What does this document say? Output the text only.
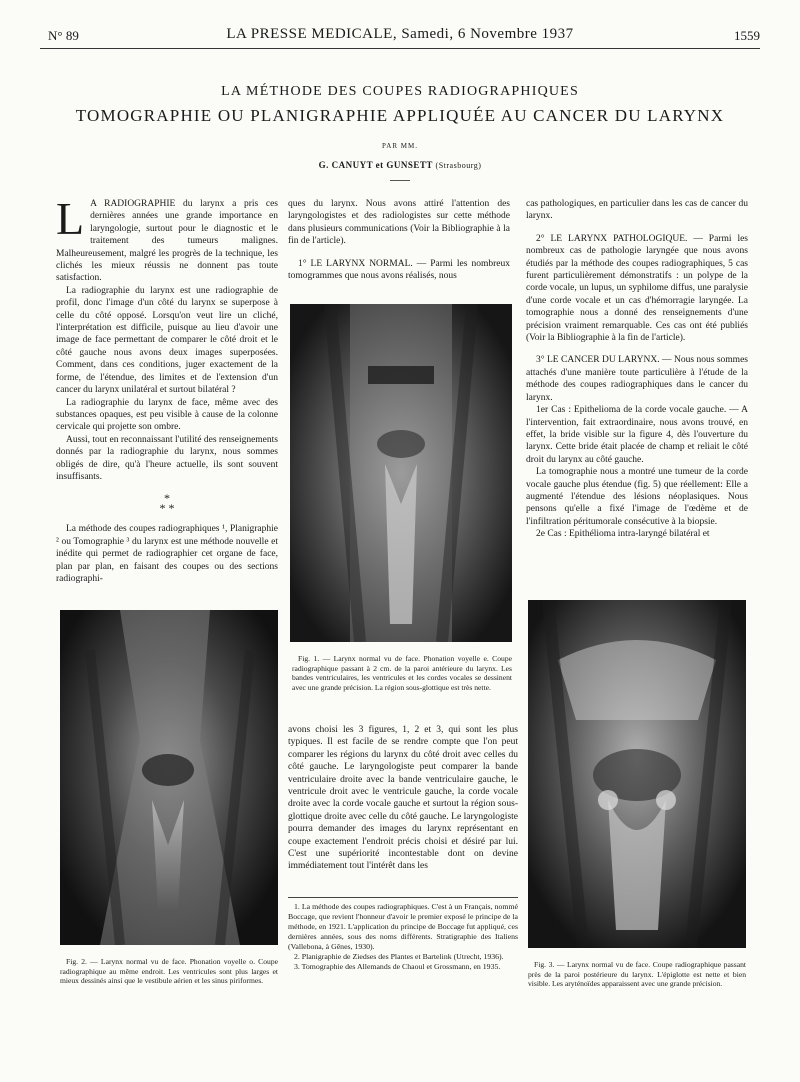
N° 89	LA PRESSE MEDICALE, Samedi, 6 Novembre 1937	1559
LA MÉTHODE DES COUPES RADIOGRAPHIQUES
TOMOGRAPHIE OU PLANIGRAPHIE APPLIQUÉE AU CANCER DU LARYNX
PAR MM.
G. CANUYT et GUNSETT (Strasbourg)
L A RADIOGRAPHIE du larynx a pris ces dernières années une grande importance en laryngologie, surtout pour le diagnostic et le traitement des tumeurs malignes. Malheureusement, malgré les progrès de la technique, les clichés les mieux réussis ne donnent pas toute satisfaction.

La radiographie du larynx est une radiographie de profil, donc l'image d'un côté du larynx se superpose à celle du côté opposé. Lorsqu'on veut lire un cliché, l'interprétation est difficile, puisque au lieu d'avoir une image de face permettant de comparer le côté droit et le côté gauche nous avons deux images superposées. Comment, dans ces conditions, juger exactement de la forme, de l'étendue, des limites et de l'extension d'un cancer du larynx unilatéral et surtout bilatéral ?

La radiographie du larynx de face, même avec des substances opaques, est peu visible à cause de la colonne cervicale qui projette son ombre.

Aussi, tout en reconnaissant l'utilité des renseignements donnés par la radiographie du larynx, nous sommes obligés de dire, qu'à l'heure actuelle, ils sont souvent insuffisants.

*
* *

La méthode des coupes radiographiques ¹, Planigraphie ² ou Tomographie ³ du larynx est une méthode nouvelle et inédite qui permet de radiographier cet organe de face, plan par plan, en faisant des coupes ou des sections radiographi-

Fig. 2. — Larynx normal vu de face. Phonation voyelle o. Coupe radiographique au même endroit. Les ventricules sont plus larges et mieux dessinés ainsi que le vestibule aérien et les sinus piriformes.

ques du larynx. Nous avons attiré l'attention des laryngologistes et des radiologistes sur cette méthode dans plusieurs communications (Voir la Bibliographie à la fin de l'article).

1° LE LARYNX NORMAL. — Parmi les nombreux tomogrammes que nous avons réalisés, nous

Fig. 1. — Larynx normal vu de face. Phonation voyelle e. Coupe radiographique passant à 2 cm. de la paroi antérieure du larynx. Les bandes ventriculaires, les ventricules et les cordes vocales se dessinent avec une grande précision. La région sous-glottique est très nette.

avons choisi les 3 figures, 1, 2 et 3, qui sont les plus typiques. Il est facile de se rendre compte que l'on peut comparer les régions du larynx du côté droit avec celles du côté gauche. Le laryngologiste peut comparer la bande ventriculaire droite avec la bande ventriculaire gauche, le ventricule droit avec le ventricule gauche, la corde vocale droite avec la corde vocale gauche et surtout la région sous-glottique droite avec celle du côté gauche. Le laryngologiste pourra demander des images du larynx représentant en coupe exactement l'endroit précis choisi et désiré par lui. C'est une supériorité incontestable dont on devine immédiatement tout l'intérêt dans les

1. La méthode des coupes radiographiques. C'est à un Français, nommé Boccage, que revient l'honneur d'avoir le premier exposé le principe de la méthode, en 1921. L'application du principe de Boccage fut appliqué, ces dernières années, sous des noms différents. Stratigraphie des Italiens (Vallebona, à Gênes, 1930).

2. Planigraphie de Ziedses des Plantes et Bartelink (Utrecht, 1936).

3. Tomographie des Allemands de Chaoul et Grossmann, en 1935.

cas pathologiques, en particulier dans les cas de cancer du larynx.

2° LE LARYNX PATHOLOGIQUE. — Parmi les nombreux cas de pathologie laryngée que nous avons étudiés par la méthode des coupes radiographiques, 5 cas furent particulièrement démonstratifs : un polype de la corde vocale, un lupus, un syphilome diffus, une paralysie d'une corde vocale et un cas d'hémorragie laryngée. La tomographie nous a donné des renseignements d'une précision vraiment remarquable. Ces cas ont été publiés (Voir la Bibliographie à la fin de l'article).

3° LE CANCER DU LARYNX. — Nous nous sommes attachés d'une manière toute particulière à l'étude de la méthode des coupes radiographiques dans le cancer du larynx.

1er Cas : Epithelioma de la corde vocale gauche. — A l'intervention, fait extraordinaire, nous avons trouvé, en effet, la bride visible sur la figure 4, dès l'ouverture du larynx. Cette bride était placée de champ et reliait le côté droit du larynx au côté gauche.

La tomographie nous a montré une tumeur de la corde vocale gauche plus étendue (fig. 5) que réellement: Elle a augmenté l'étendue des lésions néoplasiques. Nous pensons qu'elle a fixé l'image de l'œdème et de l'infiltration péritumorale consécutive à la biopsie.

2e Cas : Epithélioma intra-laryngé bilatéral et

Fig. 3. — Larynx normal vu de face. Coupe radiographique passant près de la paroi postérieure du larynx. L'épiglotte est nette et bien visible. Les aryténoïdes apparaissent avec une grande précision.
